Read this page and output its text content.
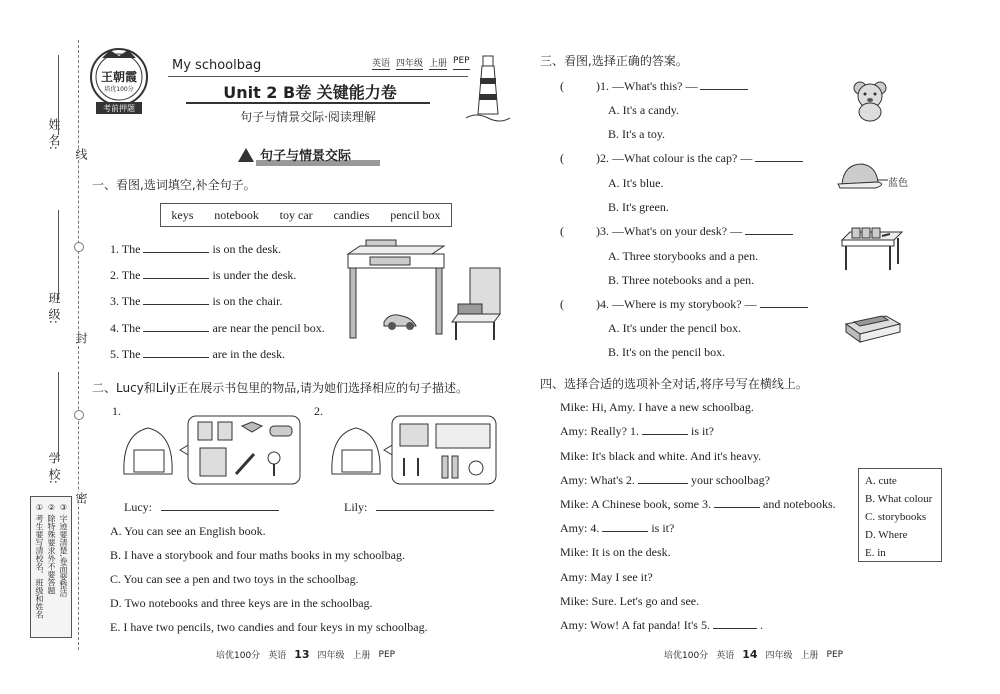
线
封
密
姓 名:
班 级:
学 校:
① 考生要写清校名、班级和姓名 ② 除特殊要求外不要答题 ③ 字迹要清楚,卷面要整洁
王朝霞
培优100分
考前押题
My schoolbag	英语 四年级 上册 PEP
Unit 2 B卷 关键能力卷
句子与情景交际·阅读理解
句子与情景交际
一、看图,选词填空,补全句子。
keys notebook toy car candies pencil box
1. The	is on the desk.
2. The	is under the desk.
3. The	is on the chair.
4. The	are near the pencil box.
5. The	are in the desk.
二、Lucy和Lily正在展示书包里的物品,请为她们选择相应的句子描述。
1.	2.
Lucy:	Lily:
A. You can see an English book.
B. I have a storybook and four maths books in my schoolbag.
C. You can see a pen and two toys in the schoolbag.
D. Two notebooks and three keys are in the schoolbag.
E. I have two pencils, two candies and four keys in my schoolbag.
培优100分 英语 13 四年级 上册 PEP
三、看图,选择正确的答案。
(	)1. —What's this? —
A. It's a candy.
B. It's a toy.
(	)2. —What colour is the cap? —
A. It's blue.
B. It's green.
蓝色
(	)3. —What's on your desk? —
A. Three storybooks and a pen.
B. Three notebooks and a pen.
(	)4. —Where is my storybook? —
A. It's under the pencil box.
B. It's on the pencil box.
四、选择合适的选项补全对话,将序号写在横线上。
Mike: Hi, Amy. I have a new schoolbag.
Amy: Really? 1.	is it?
Mike: It's black and white. And it's heavy.
Amy: What's 2.	your schoolbag?
Mike: A Chinese book, some 3.	and notebooks.
Amy: 4.	is it?
Mike: It is on the desk.
Amy: May I see it?
Mike: Sure. Let's go and see.
Amy: Wow! A fat panda! It's 5.	.
A. cute
B. What colour
C. storybooks
D. Where
E. in
培优100分 英语 14 四年级 上册 PEP
